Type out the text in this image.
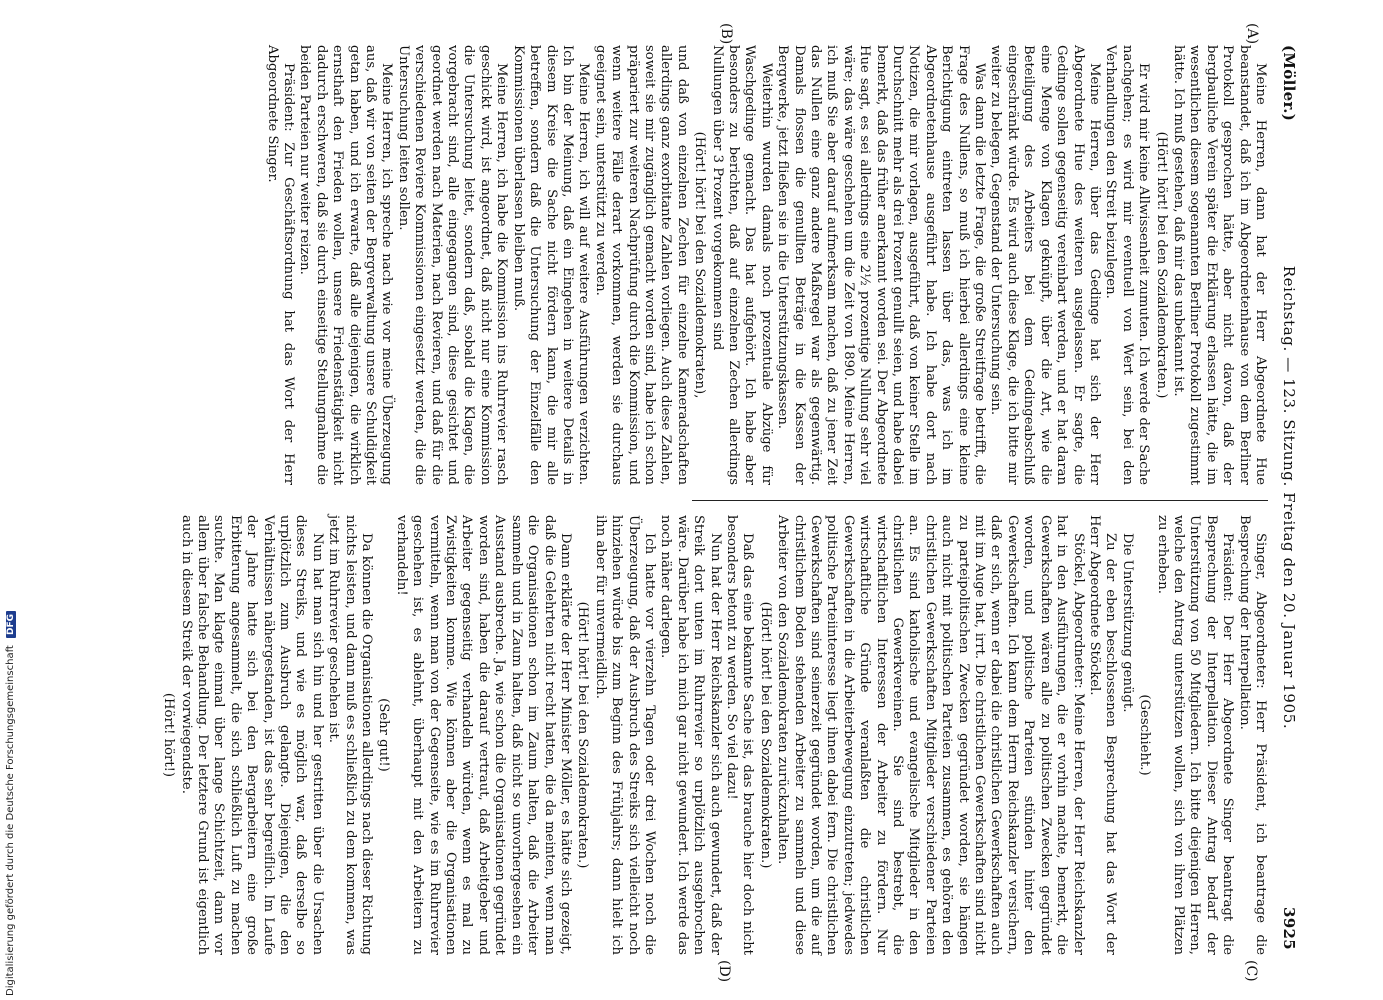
(Möller.)
Reichstag. — 123. Sitzung. Freitag den 20. Januar 1905.
3925
(A)
(B)
(C)
(D)

Meine Herren, dann hat der Herr Abgeordnete Hue beanstandet, daß ich im Abgeordnetenhause von dem Berliner Protokoll gesprochen hätte, aber nicht davon, daß der bergbauliche Verein später die Erklärung erlassen hätte, die im wesentlichen diesem sogenannten Berliner Protokoll zugestimmt hätte. Ich muß gestehen, daß mir das unbekannt ist.

(Hört! hört! bei den Sozialdemokraten.)

Er wird mir keine Allwissenheit zumuten. Ich werde der Sache nachgehen; es wird mir eventuell von Wert sein, bei den Verhandlungen den Streit beizulegen.

Meine Herren, über das Gedinge hat sich der Herr Abgeordnete Hue des weiteren ausgelassen. Er sagte, die Gedinge sollen gegenseitig vereinbart werden, und er hat daran eine Menge von Klagen geknüpft, über die Art, wie die Beteiligung des Arbeiters bei dem Gedingeabschluß eingeschränkt würde. Es wird auch diese Klage, die ich bitte mir weiter zu belegen, Gegenstand der Untersuchung sein.

Was dann die letzte Frage, die große Streitfrage betrifft, die Frage des Nullens, so muß ich hierbei allerdings eine kleine Berichtigung eintreten lassen über das, was ich im Abgeordnetenhause ausgeführt habe. Ich habe dort nach Notizen, die mir vorlagen, ausgeführt, daß von keiner Stelle im Durchschnitt mehr als drei Prozent genullt seien, und habe dabei bemerkt, daß das früher anerkannt worden sei. Der Abgeordnete Hue sagt, es sei allerdings eine 2½ prozentige Nullung sehr viel wäre; das wäre geschehen um die Zeit von 1890. Meine Herren, ich muß Sie aber darauf aufmerksam machen, daß zu jener Zeit das Nullen eine ganz andere Maßregel war als gegenwärtig. Damals flossen die genullten Beträge in die Kassen der Bergwerke, jetzt fließen sie in die Unterstützungskassen.

Weiterhin wurden damals noch prozentuale Abzüge für Waschgedinge gemacht. Das hat aufgehört. Ich habe aber besonders zu berichten, daß auf einzelnen Zechen allerdings Nullungen über 3 Prozent vorgekommen sind

(Hört! hört! bei den Sozialdemokraten),

und daß von einzelnen Zechen für einzelne Kameradschaften allerdings ganz exorbitante Zahlen vorliegen. Auch diese Zahlen, soweit sie mir zugänglich gemacht worden sind, habe ich schon präpariert zur weiteren Nachprüfung durch die Kommission, und wenn weitere Fälle derart vorkommen, werden sie durchaus geeignet sein, unterstützt zu werden.

Meine Herren, ich will auf weitere Ausführungen verzichten. Ich bin der Meinung, daß ein Eingehen in weitere Details in diesem Kreise die Sache nicht fördern kann, die mir alle betreffen, sondern daß die Untersuchung der Einzelfälle den Kommissionen überlassen bleiben muß.

Meine Herren, ich habe die Kommission ins Ruhrrevier rasch geschickt wird, ist angeordnet, daß nicht nur eine Kommission die Untersuchung leitet, sondern daß, sobald die Klagen, die vorgebracht sind, alle eingegangen sind, diese gesichtet und geordnet werden nach Materien, nach Revieren, und daß für die verschiedenen Reviere Kommissionen eingesetzt werden, die die Untersuchung leiten sollen.

Meine Herren, ich spreche nach wie vor meine Überzeugung aus, daß wir von seiten der Bergverwaltung unsere Schuldigkeit getan haben, und ich erwarte, daß alle diejenigen, die wirklich ernsthaft den Frieden wollen, unsere Friedenstätigkeit nicht dadurch erschweren, daß sie durch einseitige Stellungnahme die beiden Parteien nur weiter reizen.

Präsident: Zur Geschäftsordnung hat das Wort der Herr Abgeordnete Singer.

Singer, Abgeordneter: Herr Präsident, ich beantrage die Besprechung der Interpellation.

Präsident: Der Herr Abgeordnete Singer beantragt die Besprechung der Interpellation. Dieser Antrag bedarf der Unterstützung von 50 Mitgliedern. Ich bitte diejenigen Herren, welche den Antrag unterstützen wollen, sich von ihren Plätzen zu erheben.

(Geschieht.)

Die Unterstützung genügt.

Zu der eben beschlossenen Besprechung hat das Wort der Herr Abgeordnete Stöckel.

Stöckel, Abgeordneter: Meine Herren, der Herr Reichskanzler hat in den Ausführungen, die er vorhin machte, bemerkt, die Gewerkschaften wären alle zu politischen Zwecken gegründet worden, und politische Parteien stünden hinter den Gewerkschaften. Ich kann dem Herrn Reichskanzler versichern, daß er sich, wenn er dabei die christlichen Gewerkschaften auch mit im Auge hat, irrt. Die christlichen Gewerkschaften sind nicht zu parteipolitischen Zwecken gegründet worden, sie hängen auch nicht mit politischen Parteien zusammen, es gehören den christlichen Gewerkschaften Mitglieder verschiedener Parteien an. Es sind katholische und evangelische Mitglieder in den christlichen Gewerkvereinen. Sie sind bestrebt, die wirtschaftlichen Interessen der Arbeiter zu fördern. Nur wirtschaftliche Gründe veranlaßten die christlichen Gewerkschaften in die Arbeiterbewegung einzutreten; jedwedes politische Parteiinteresse liegt ihnen dabei fern. Die christlichen Gewerkschaften sind seinerzeit gegründet worden, um die auf christlichem Boden stehenden Arbeiter zu sammeln und diese Arbeiter von den Sozialdemokraten zurückzuhalten.

(Hört! hört! bei den Sozialdemokraten.)

Daß das eine bekannte Sache ist, das brauche hier doch nicht besonders betont zu werden. So viel dazu!

Nun hat der Herr Reichskanzler sich auch gewundert, daß der Streik dort unten im Ruhrrevier so urplötzlich ausgebrochen wäre. Darüber habe ich mich gar nicht gewundert. Ich werde das noch näher darlegen.

Ich hatte vor vierzehn Tagen oder drei Wochen noch die Überzeugung, daß der Ausbruch des Streiks sich vielleicht noch hinziehen würde bis zum Beginn des Frühjahrs; dann hielt ich ihn aber für unvermeidlich.

(Hört! hört! bei den Sozialdemokraten.)

Dann erklärte der Herr Minister Möller, es hätte sich gezeigt, daß die Gelehrten nicht recht hatten, die da meinten, wenn man die Organisationen schon im Zaum halten, daß die Arbeiter sammeln und in Zaum halten, daß nicht so unvorhergesehen ein Ausstand ausbreche. Ja, wie schon die Organisationen gegründet worden sind, haben die darauf vertraut, daß Arbeitgeber und Arbeiter gegenseitig verhandeln würden, wenn es mal zu Zwistigkeiten komme. Wie können aber die Organisationen vermitteln, wenn man von der Gegenseite, wie es im Ruhrrevier geschehen ist, es ablehnt, überhaupt mit den Arbeitern zu verhandeln!

(Sehr gut!)

Da können die Organisationen allerdings nach dieser Richtung nichts leisten, und dann muß es schließlich zu dem kommen, was jetzt im Ruhrrevier geschehen ist.

Nun hat man sich hin und her gestritten über die Ursachen dieses Streiks, und wie es möglich war, daß derselbe so urplötzlich zum Ausbruch gelangte. Diejenigen, die den Verhältnissen nähergestanden, ist das sehr begreiflich. Im Laufe der Jahre hatte sich bei den Bergarbeitern eine große Erbitterung angesammelt, die sich schließlich Luft zu machen suchte. Man klagte einmal über lange Schichtzeit, dann vor allem über falsche Behandlung. Der letztere Grund ist eigentlich auch in diesem Streik der vorwiegendste.

(Hört! hört!)

Digitalisierung gefördert durch die Deutsche Forschungsgemeinschaft DFG
